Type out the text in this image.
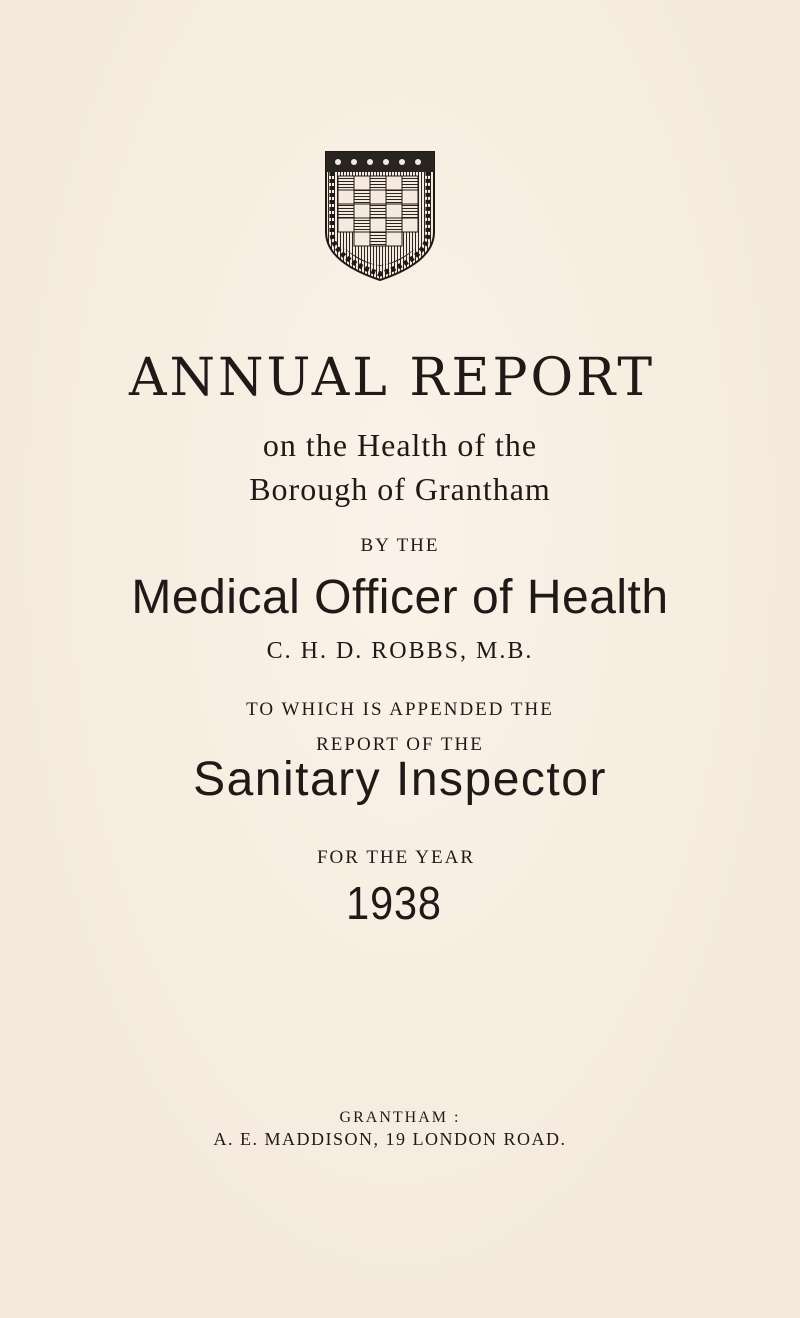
ANNUAL REPORT
on the Health of the
Borough of Grantham
BY THE
Medical Officer of Health
C. H. D. ROBBS, M.B.
TO WHICH IS APPENDED THE
REPORT OF THE
Sanitary Inspector
FOR THE YEAR
1938
GRANTHAM :
A. E. MADDISON, 19 LONDON ROAD.
